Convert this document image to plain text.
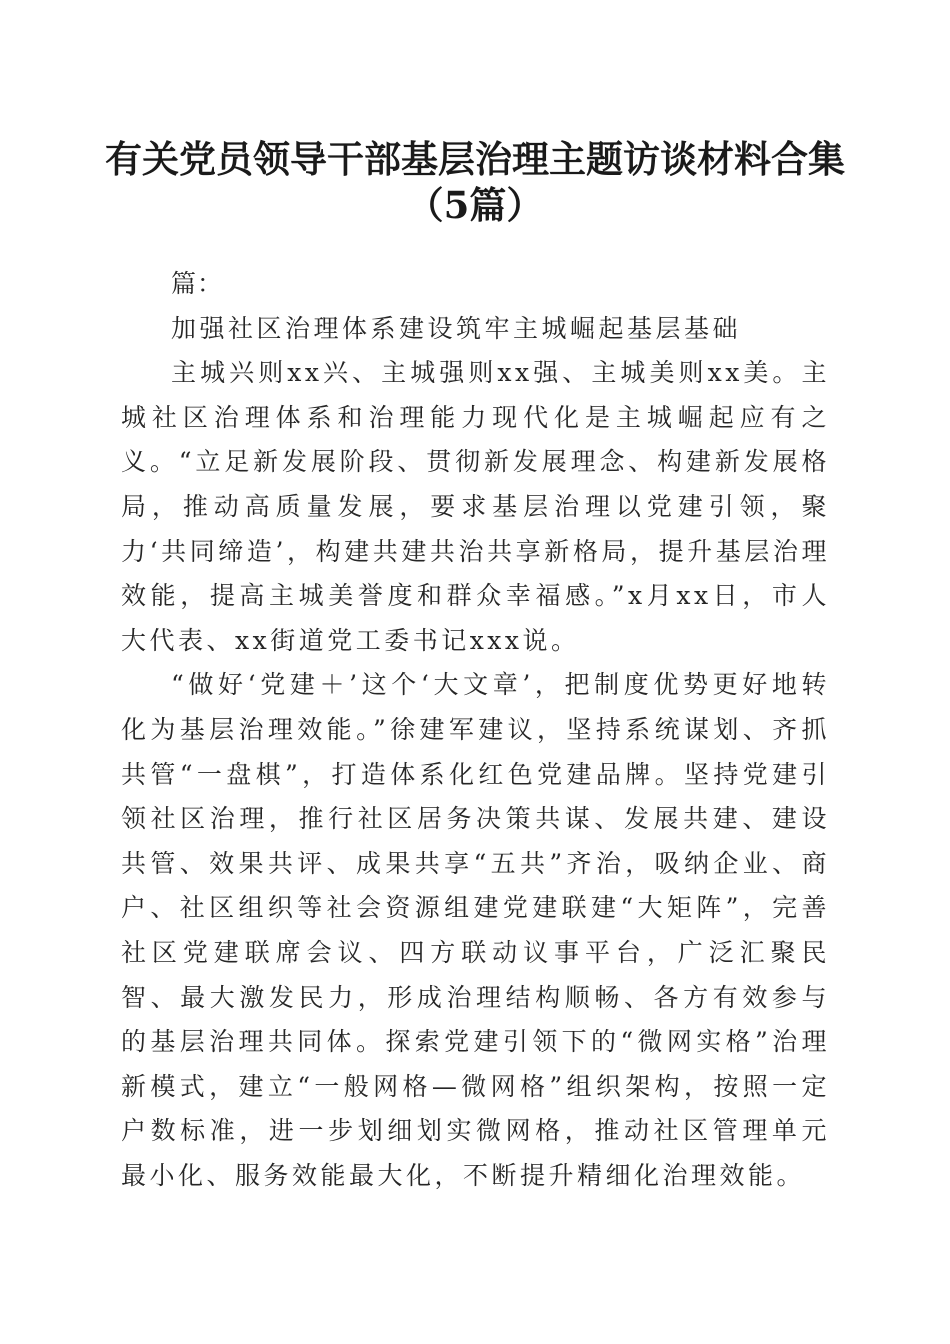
有关党员领导干部基层治理主题访谈材料合集
（5篇）

篇：

加强社区治理体系建设筑牢主城崛起基层基础

主城兴则xx兴、主城强则xx强、主城美则xx美。主城社区治理体系和治理能力现代化是主城崛起应有之义。“立足新发展阶段、贯彻新发展理念、构建新发展格局，推动高质量发展，要求基层治理以党建引领，聚力‘共同缔造’，构建共建共治共享新格局，提升基层治理效能，提高主城美誉度和群众幸福感。”x月xx日，市人大代表、xx街道党工委书记xxx说。

“做好‘党建＋’这个‘大文章’，把制度优势更好地转化为基层治理效能。”徐建军建议，坚持系统谋划、齐抓共管“一盘棋”，打造体系化红色党建品牌。坚持党建引领社区治理，推行社区居务决策共谋、发展共建、建设共管、效果共评、成果共享“五共”齐治，吸纳企业、商户、社区组织等社会资源组建党建联建“大矩阵”，完善社区党建联席会议、四方联动议事平台，广泛汇聚民智、最大激发民力，形成治理结构顺畅、各方有效参与的基层治理共同体。探索党建引领下的“微网实格”治理新模式，建立“一般网格—微网格”组织架构，按照一定户数标准，进一步划细划实微网格，推动社区管理单元最小化、服务效能最大化，不断提升精细化治理效能。
